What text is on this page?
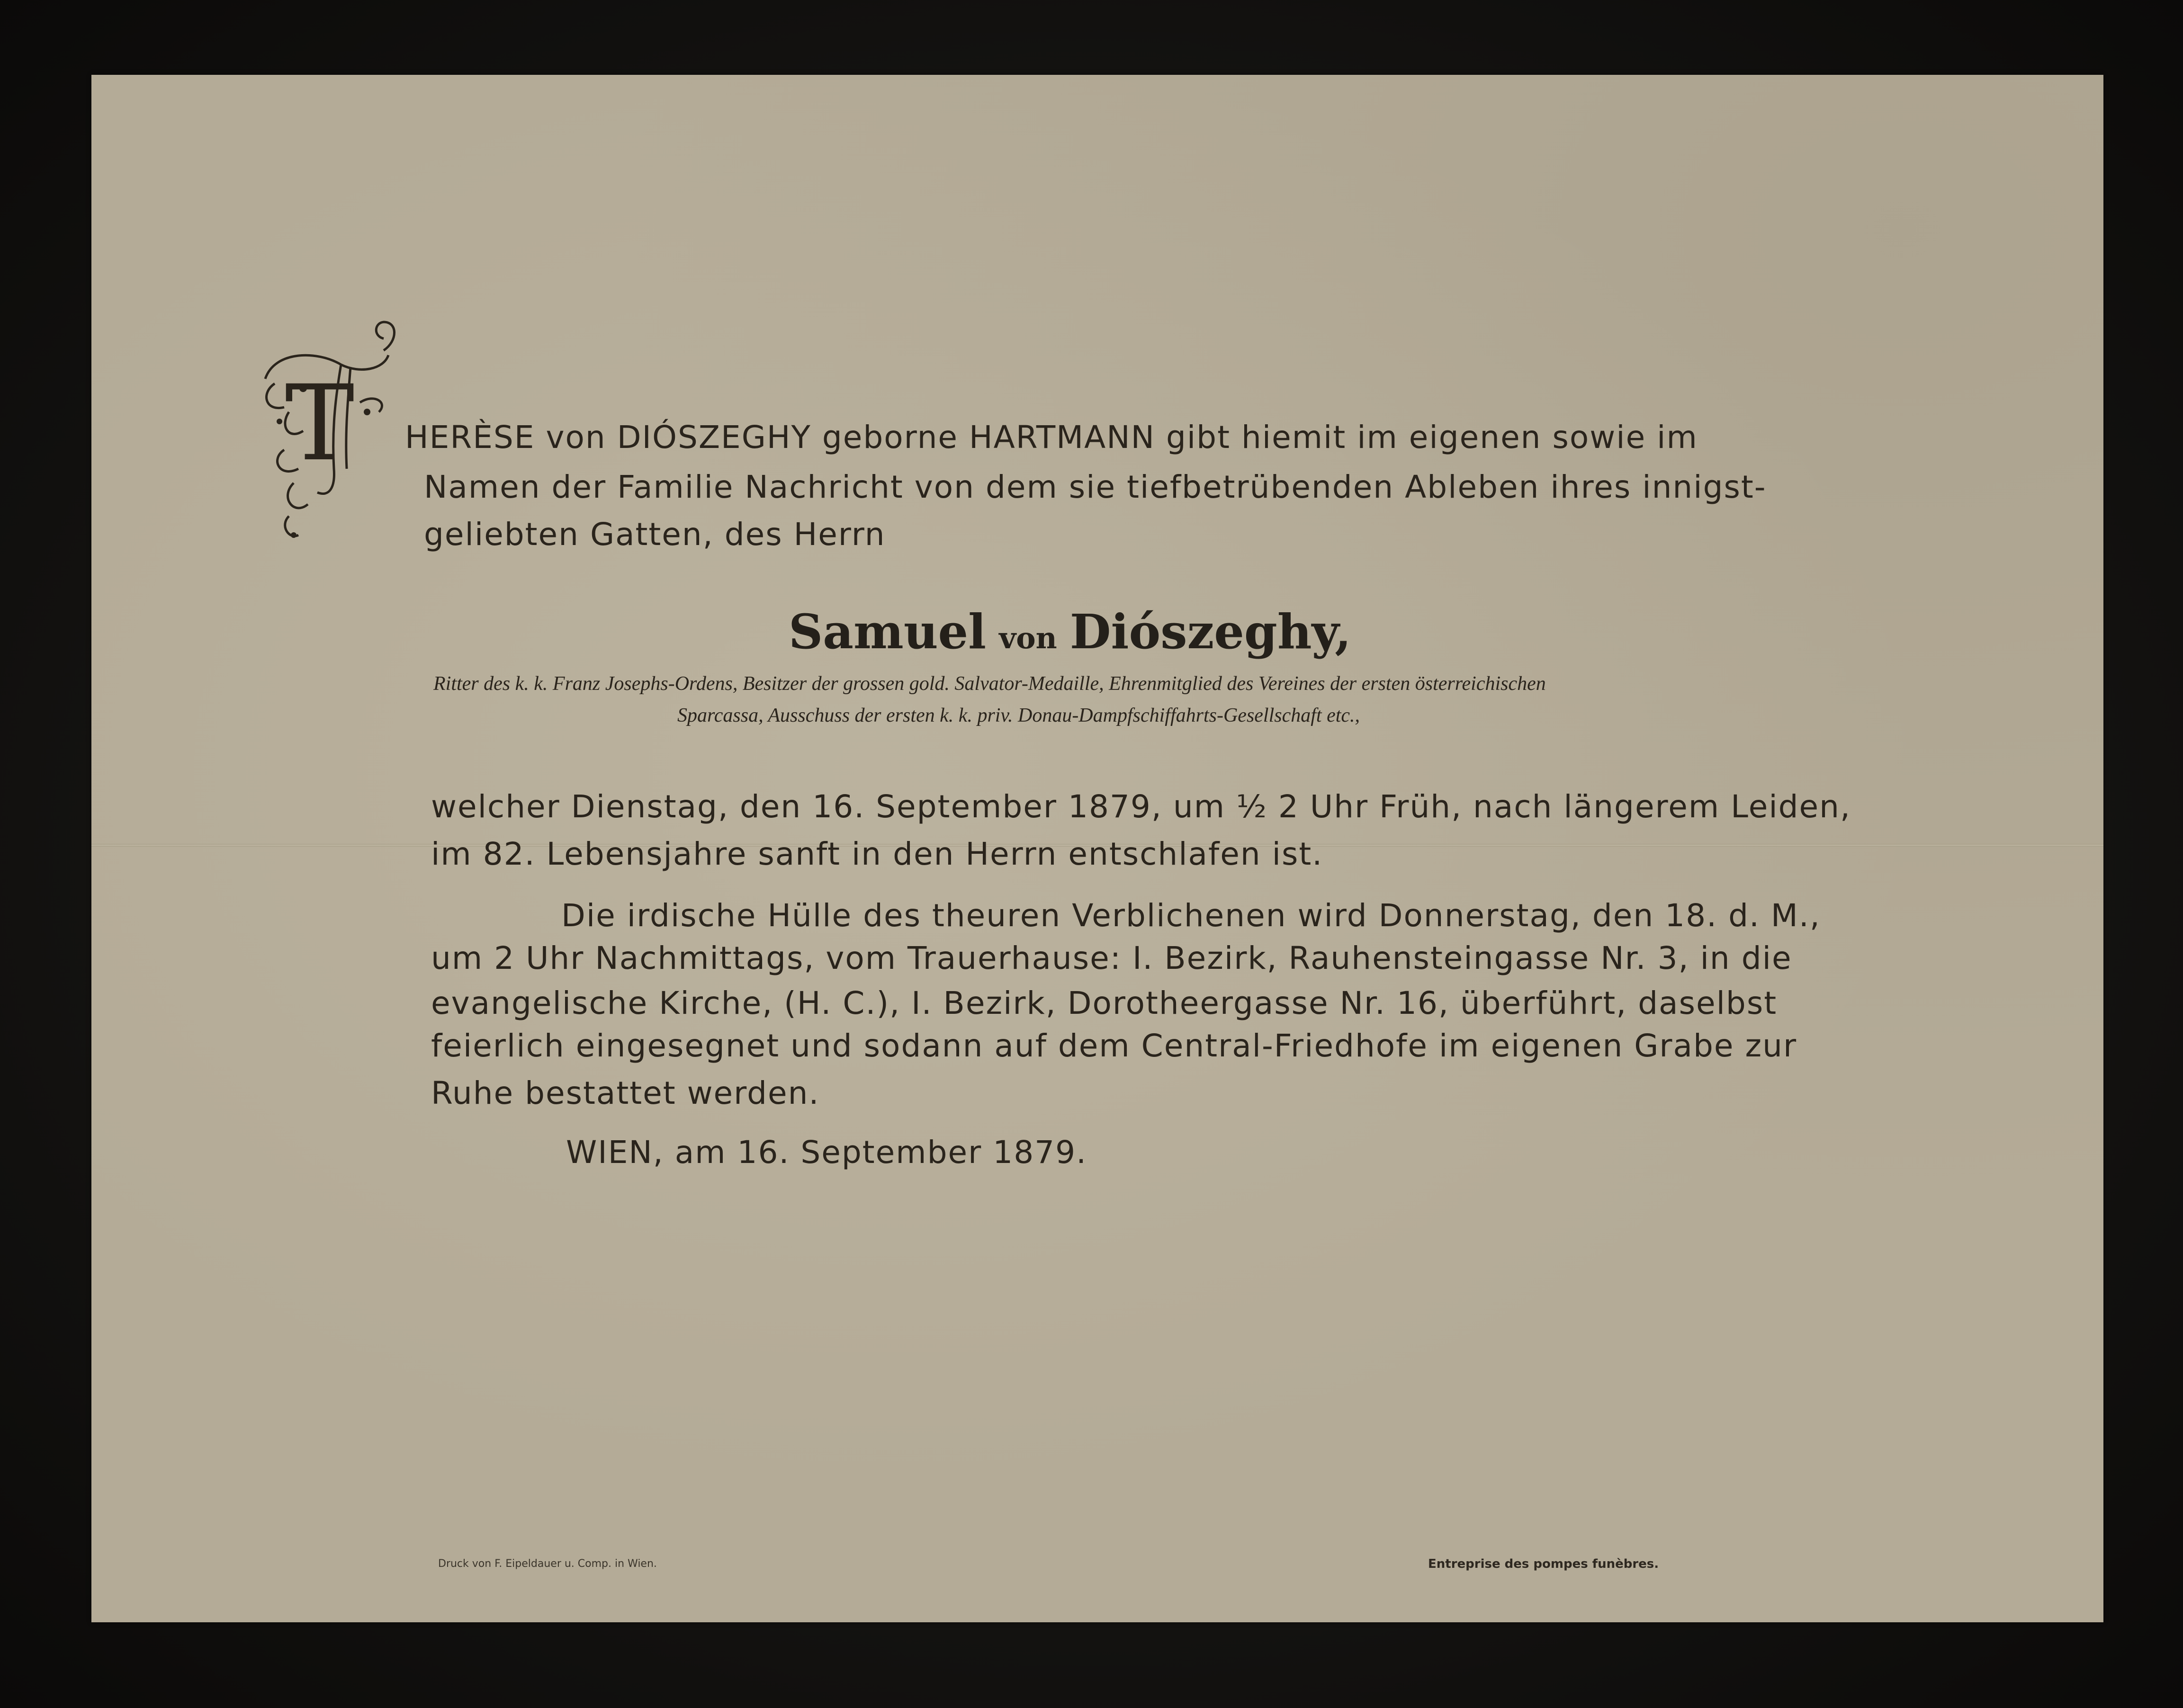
T HERÈSE von DIÓSZEGHY geborne HARTMANN gibt hiemit im eigenen sowie im
Namen der Familie Nachricht von dem sie tiefbetrübenden Ableben ihres innigst-
geliebten Gatten, des Herrn
Samuel von Diószeghy,
Ritter des k. k. Franz Josephs-Ordens, Besitzer der grossen gold. Salvator-Medaille, Ehrenmitglied des Vereines der ersten österreichischen
Sparcassa, Ausschuss der ersten k. k. priv. Donau-Dampfschiffahrts-Gesellschaft etc.,
welcher Dienstag, den 16. September 1879, um ½ 2 Uhr Früh, nach längerem Leiden,
im 82. Lebensjahre sanft in den Herrn entschlafen ist.
Die irdische Hülle des theuren Verblichenen wird Donnerstag, den 18. d. M.,
um 2 Uhr Nachmittags, vom Trauerhause: I. Bezirk, Rauhensteingasse Nr. 3, in die
evangelische Kirche, (H. C.), I. Bezirk, Dorotheergasse Nr. 16, überführt, daselbst
feierlich eingesegnet und sodann auf dem Central-Friedhofe im eigenen Grabe zur
Ruhe bestattet werden.
WIEN, am 16. September 1879.
Druck von F. Eipeldauer u. Comp. in Wien.	Entreprise des pompes funèbres.
